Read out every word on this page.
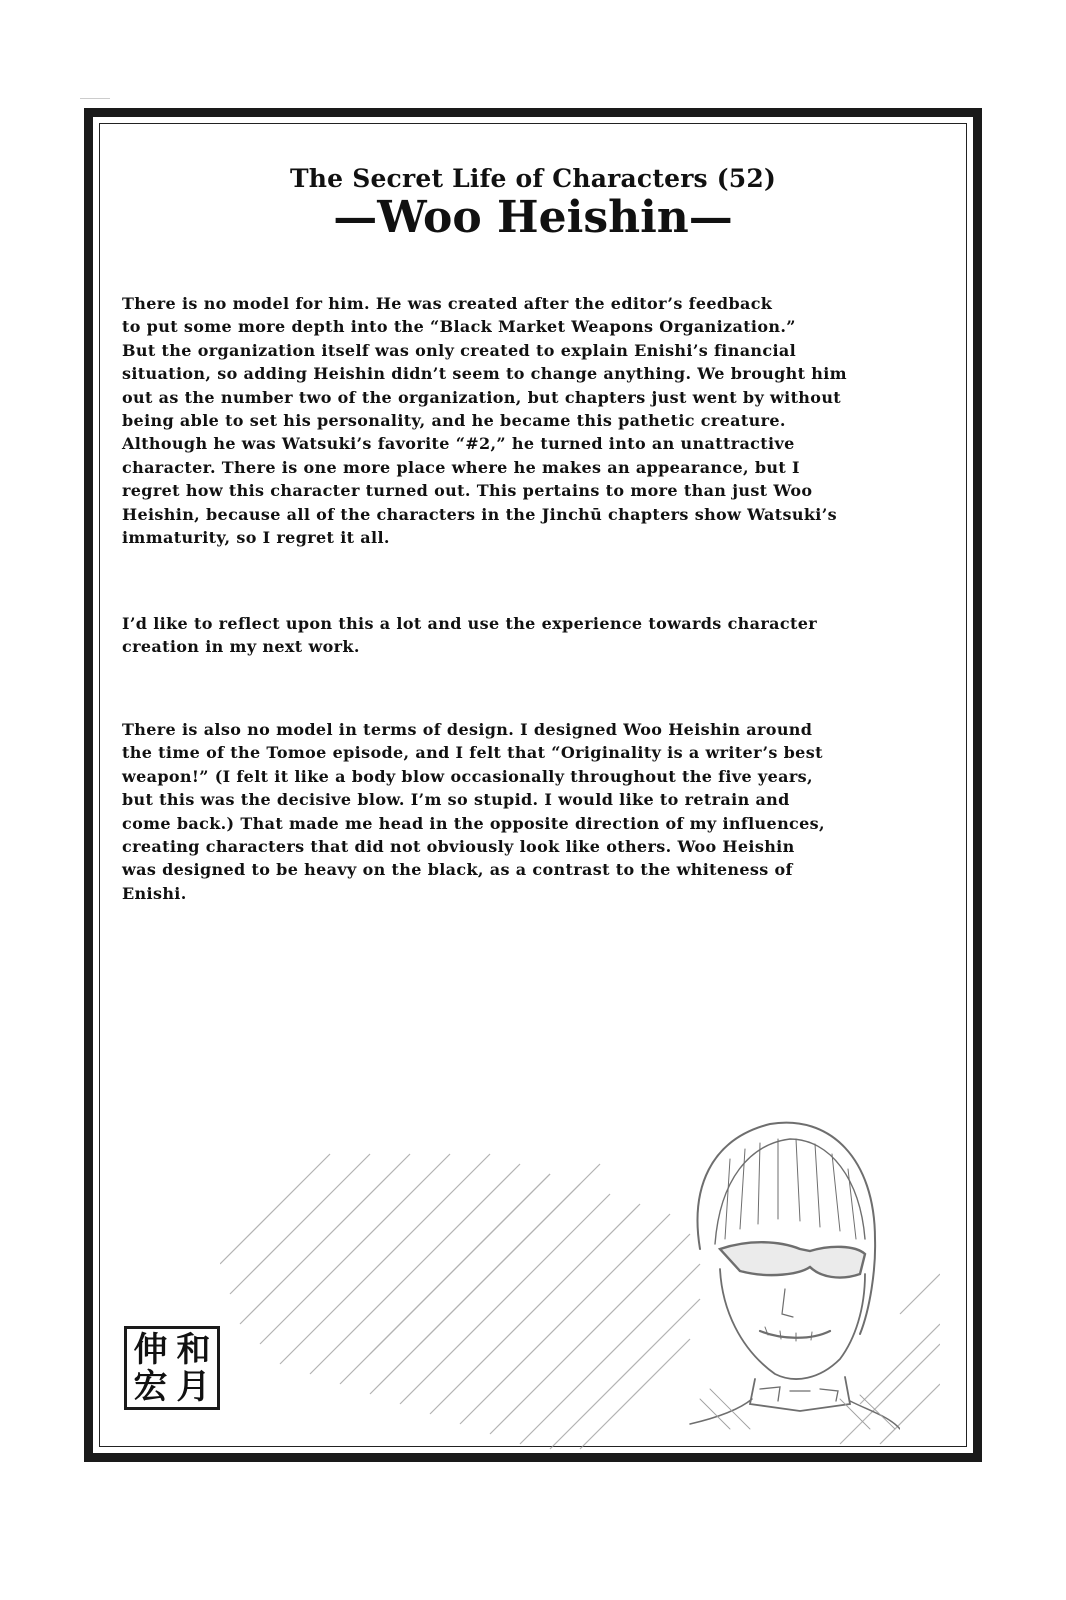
The Secret Life of Characters (52)
—Woo Heishin—

There is no model for him. He was created after the editor’s feedback
to put some more depth into the “Black Market Weapons Organization.”
But the organization itself was only created to explain Enishi’s financial
situation, so adding Heishin didn’t seem to change anything. We brought him
out as the number two of the organization, but chapters just went by without
being able to set his personality, and he became this pathetic creature.
Although he was Watsuki’s favorite “#2,” he turned into an unattractive
character. There is one more place where he makes an appearance, but I
regret how this character turned out. This pertains to more than just Woo
Heishin, because all of the characters in the Jinchū chapters show Watsuki’s
immaturity, so I regret it all.

I’d like to reflect upon this a lot and use the experience towards character
creation in my next work.

There is also no model in terms of design. I designed Woo Heishin around
the time of the Tomoe episode, and I felt that “Originality is a writer’s best
weapon!” (I felt it like a body blow occasionally throughout the five years,
but this was the decisive blow. I’m so stupid. I would like to retrain and
come back.) That made me head in the opposite direction of my influences,
creating characters that did not obviously look like others. Woo Heishin
was designed to be heavy on the black, as a contrast to the whiteness of
Enishi.

伸 和
宏 月
